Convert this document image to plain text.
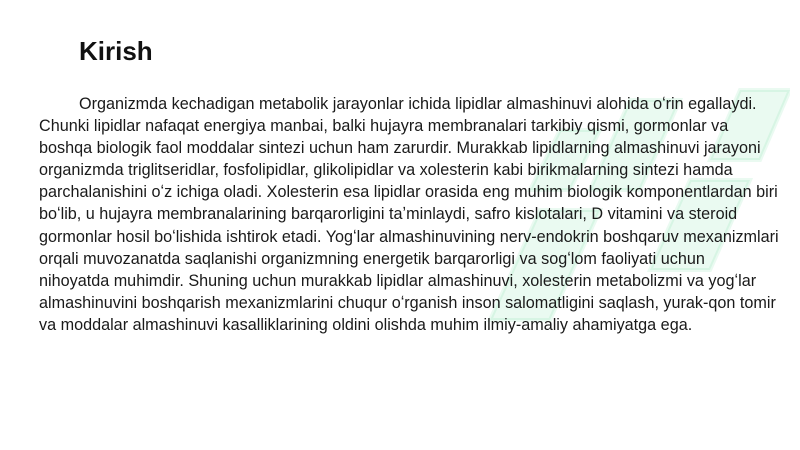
Kirish

Organizmda kechadigan metabolik jarayonlar ichida lipidlar almashinuvi alohida oʻrin egallaydi. Chunki lipidlar nafaqat energiya manbai, balki hujayra membranalari tarkibiy qismi, gormonlar va boshqa biologik faol moddalar sintezi uchun ham zarurdir. Murakkab lipidlarning almashinuvi jarayoni organizmda triglitseridlar, fosfolipidlar, glikolipidlar va xolesterin kabi birikmalarning sintezi hamda parchalanishini oʻz ichiga oladi. Xolesterin esa lipidlar orasida eng muhim biologik komponentlardan biri boʻlib, u hujayra membranalarining barqarorligini taʼminlaydi, safro kislotalari, D vitamini va steroid gormonlar hosil boʻlishida ishtirok etadi. Yogʻlar almashinuvining nerv-endokrin boshqaruv mexanizmlari orqali muvozanatda saqlanishi organizmning energetik barqarorligi va sogʻlom faoliyati uchun nihoyatda muhimdir. Shuning uchun murakkab lipidlar almashinuvi, xolesterin metabolizmi va yogʻlar almashinuvini boshqarish mexanizmlarini chuqur oʻrganish inson salomatligini saqlash, yurak-qon tomir va moddalar almashinuvi kasalliklarining oldini olishda muhim ilmiy-amaliy ahamiyatga ega.
